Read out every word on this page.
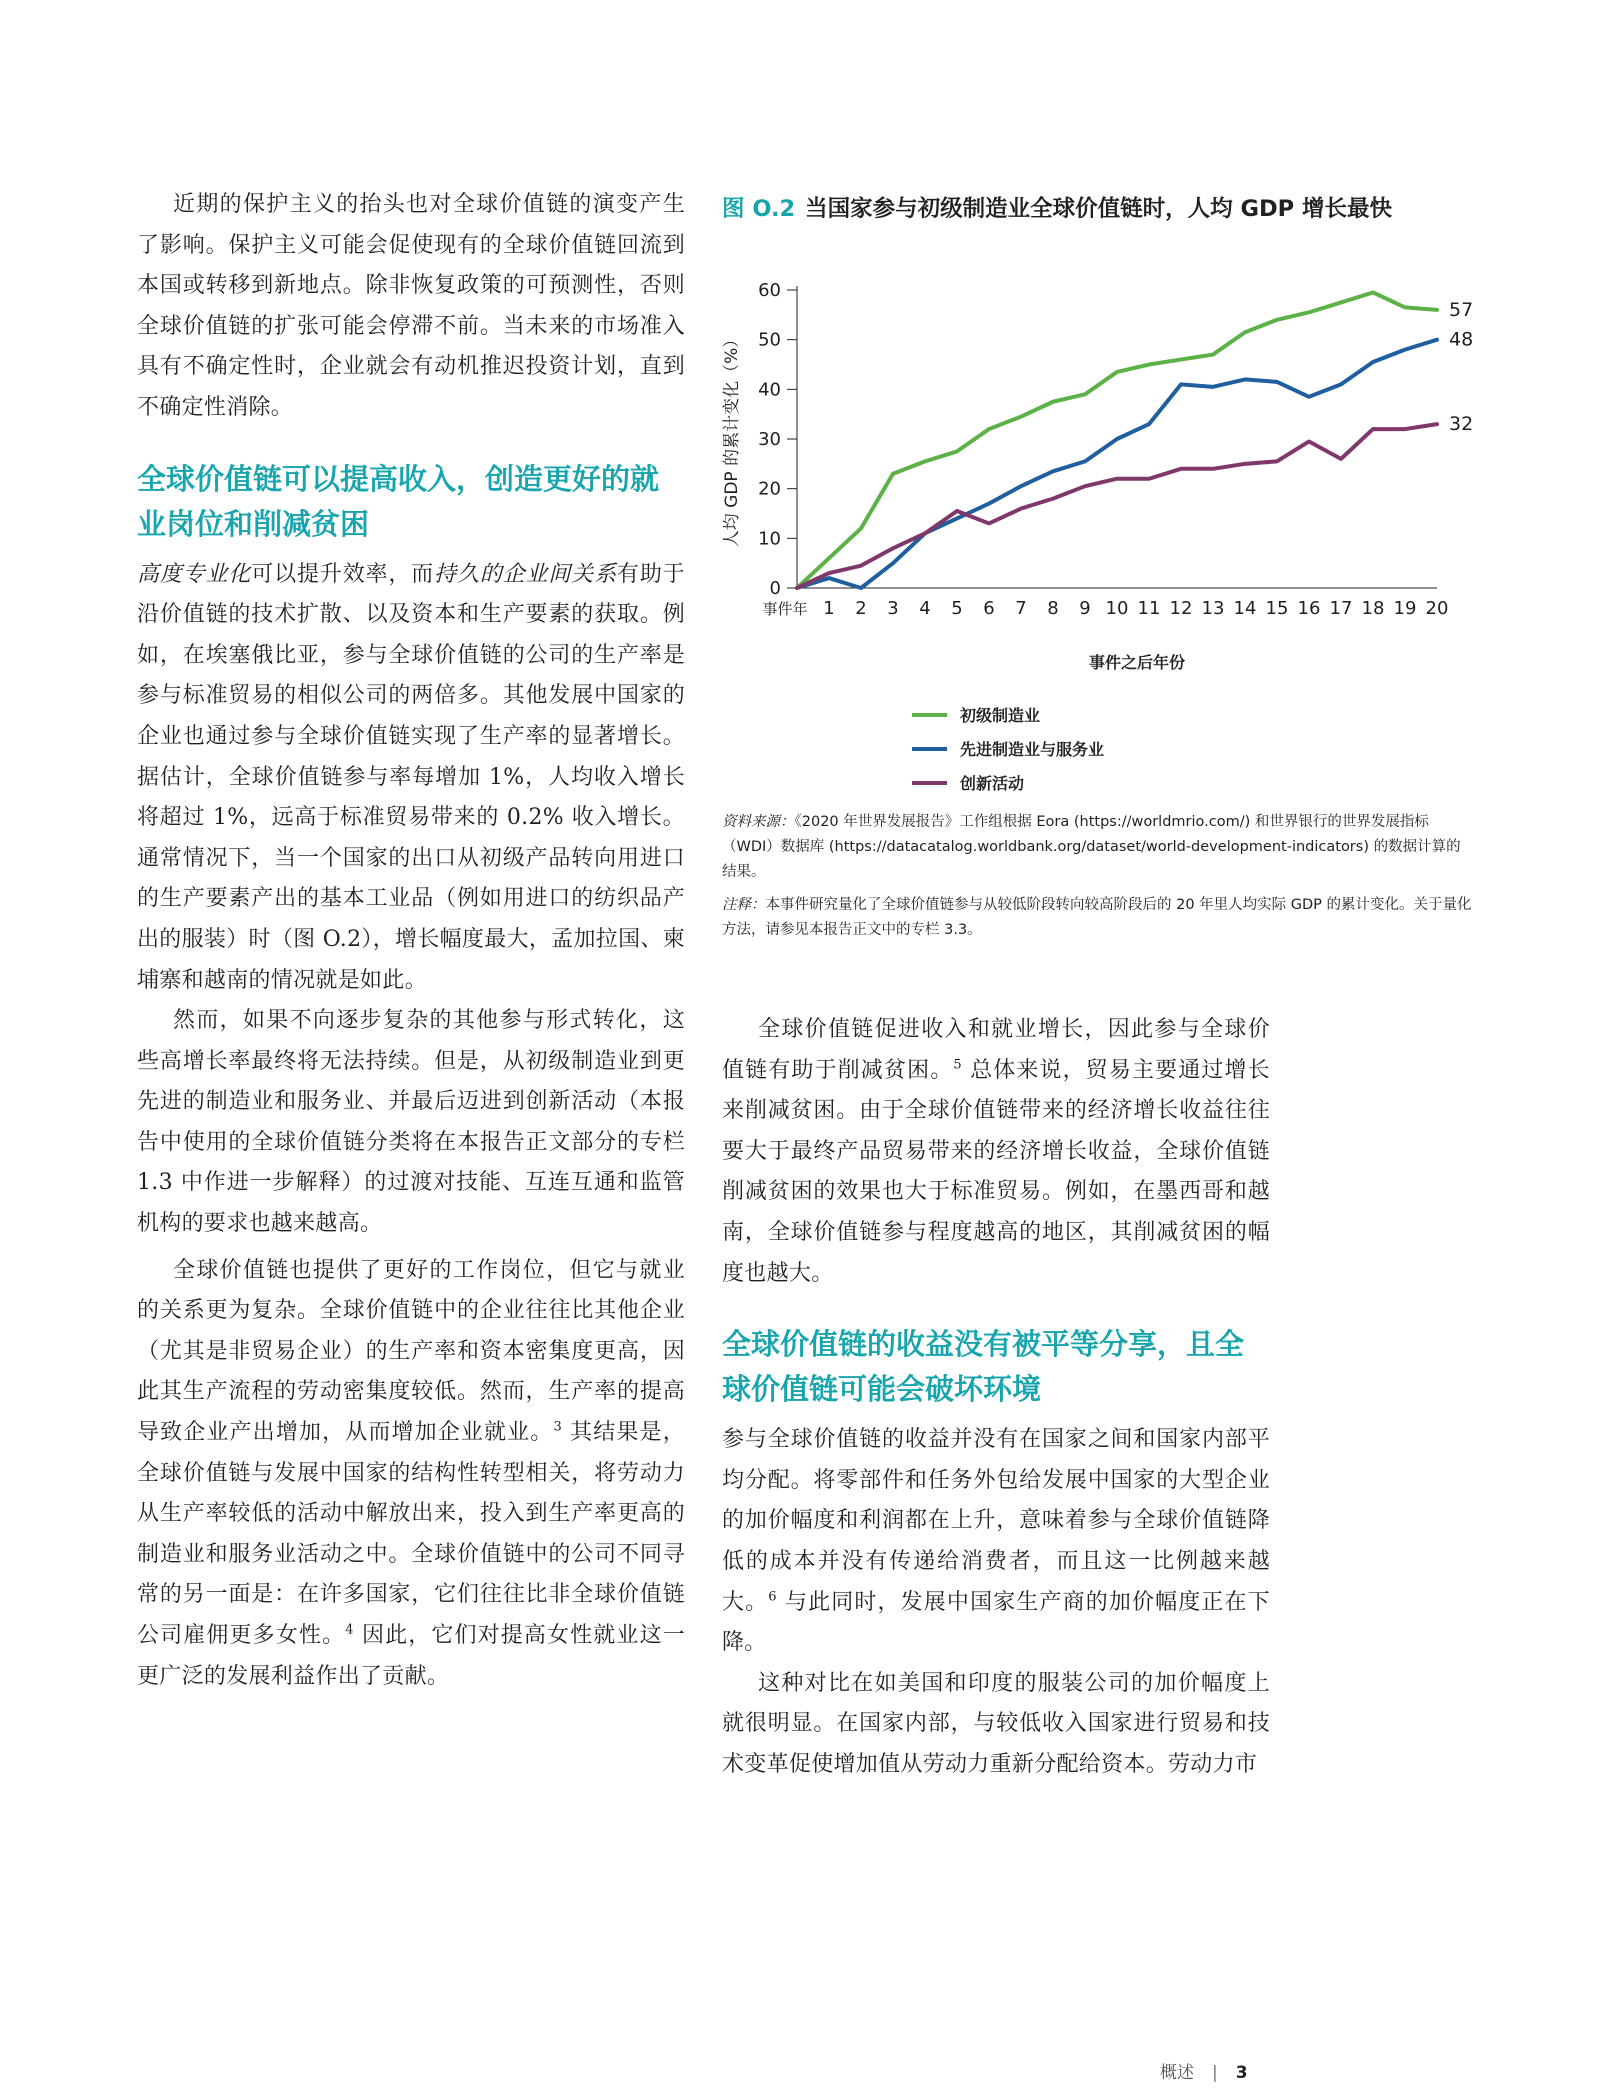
近期的保护主义的抬头也对全球价值链的演变产生了影响。保护主义可能会促使现有的全球价值链回流到本国或转移到新地点。除非恢复政策的可预测性，否则全球价值链的扩张可能会停滞不前。当未来的市场准入具有不确定性时，企业就会有动机推迟投资计划，直到不确定性消除。

全球价值链可以提高收入，创造更好的就业岗位和削减贫困

高度专业化可以提升效率，而持久的企业间关系有助于沿价值链的技术扩散、以及资本和生产要素的获取。例如，在埃塞俄比亚，参与全球价值链的公司的生产率是参与标准贸易的相似公司的两倍多。其他发展中国家的企业也通过参与全球价值链实现了生产率的显著增长。据估计，全球价值链参与率每增加 1%，人均收入增长将超过 1%，远高于标准贸易带来的 0.2% 收入增长。通常情况下，当一个国家的出口从初级产品转向用进口的生产要素产出的基本工业品（例如用进口的纺织品产出的服装）时（图 O.2），增长幅度最大，孟加拉国、柬埔寨和越南的情况就是如此。

然而，如果不向逐步复杂的其他参与形式转化，这些高增长率最终将无法持续。但是，从初级制造业到更先进的制造业和服务业、并最后迈进到创新活动（本报告中使用的全球价值链分类将在本报告正文部分的专栏 1.3 中作进一步解释）的过渡对技能、互连互通和监管机构的要求也越来越高。

全球价值链也提供了更好的工作岗位，但它与就业的关系更为复杂。全球价值链中的企业往往比其他企业（尤其是非贸易企业）的生产率和资本密集度更高，因此其生产流程的劳动密集度较低。然而，生产率的提高导致企业产出增加，从而增加企业就业。$^3$ 其结果是，全球价值链与发展中国家的结构性转型相关，将劳动力从生产率较低的活动中解放出来，投入到生产率更高的制造业和服务业活动之中。全球价值链中的公司不同寻常的另一面是：在许多国家，它们往往比非全球价值链公司雇佣更多女性。$^4$ 因此，它们对提高女性就业这一更广泛的发展利益作出了贡献。

图 O.2 当国家参与初级制造业全球价值链时，人均 GDP 增长最快
0
10
20
30
40
50
60
人均 GDP 的累计变化（%）
事件年 1 2 3 4 5 6 7 8 9 10 11 12 13 14 15 16 17 18 19 20
事件之后年份
57
48
32
初级制造业
先进制造业与服务业
创新活动

资料来源：《2020 年世界发展报告》工作组根据 Eora (https://worldmrio.com/) 和世界银行的世界发展指标（WDI）数据库 (https://datacatalog.worldbank.org/dataset/world-development-indicators) 的数据计算的结果。

注释：本事件研究量化了全球价值链参与从较低阶段转向较高阶段后的 20 年里人均实际 GDP 的累计变化。关于量化方法，请参见本报告正文中的专栏 3.3。

全球价值链促进收入和就业增长，因此参与全球价值链有助于削减贫困。$^5$ 总体来说，贸易主要通过增长来削减贫困。由于全球价值链带来的经济增长收益往往要大于最终产品贸易带来的经济增长收益，全球价值链削减贫困的效果也大于标准贸易。例如，在墨西哥和越南，全球价值链参与程度越高的地区，其削减贫困的幅度也越大。

全球价值链的收益没有被平等分享，且全球价值链可能会破坏环境

参与全球价值链的收益并没有在国家之间和国家内部平均分配。将零部件和任务外包给发展中国家的大型企业的加价幅度和利润都在上升，意味着参与全球价值链降低的成本并没有传递给消费者，而且这一比例越来越大。$^6$ 与此同时，发展中国家生产商的加价幅度正在下降。

这种对比在如美国和印度的服装公司的加价幅度上就很明显。在国家内部，与较低收入国家进行贸易和技术变革促使增加值从劳动力重新分配给资本。劳动力市

概述 | 3
